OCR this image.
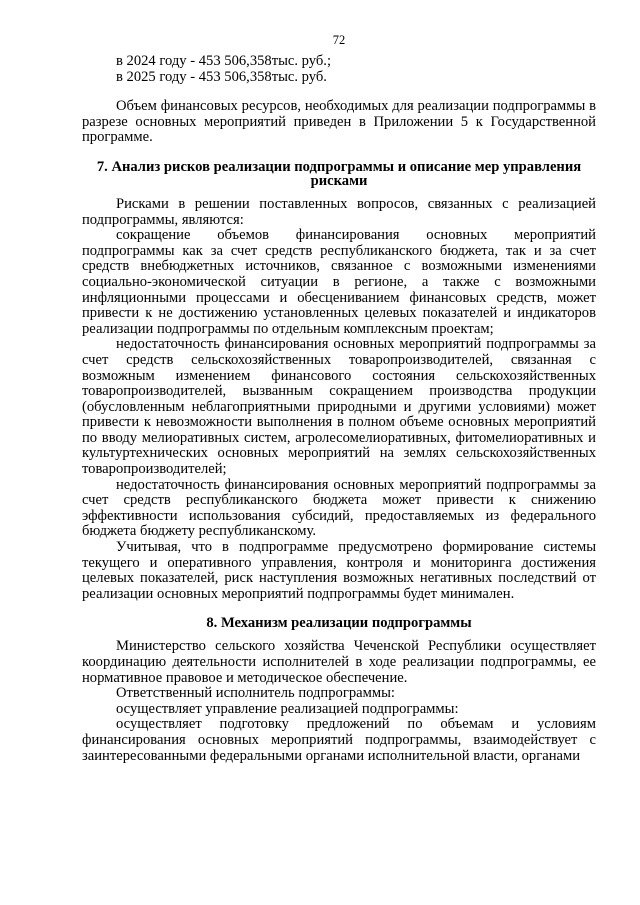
72

в 2024 году - 453 506,358тыс. руб.;

в 2025 году - 453 506,358тыс. руб.

Объем финансовых ресурсов, необходимых для реализации подпрограммы в разрезе основных мероприятий приведен в Приложении 5 к Государственной программе.

7. Анализ рисков реализации подпрограммы и описание мер управления рисками

Рисками в решении поставленных вопросов, связанных с реализацией подпрограммы, являются:

сокращение объемов финансирования основных мероприятий подпрограммы как за счет средств республиканского бюджета, так и за счет средств внебюджетных источников, связанное с возможными изменениями социально-экономической ситуации в регионе, а также с возможными инфляционными процессами и обесцениванием финансовых средств, может привести к не достижению установленных целевых показателей и индикаторов реализации подпрограммы по отдельным комплексным проектам;

недостаточность финансирования основных мероприятий подпрограммы за счет средств сельскохозяйственных товаропроизводителей, связанная с возможным изменением финансового состояния сельскохозяйственных товаропроизводителей, вызванным сокращением производства продукции (обусловленным неблагоприятными природными и другими условиями) может привести к невозможности выполнения в полном объеме основных мероприятий по вводу мелиоративных систем, агролесомелиоративных, фитомелиоративных и культуртехнических основных мероприятий на землях сельскохозяйственных товаропроизводителей;

недостаточность финансирования основных мероприятий подпрограммы за счет средств республиканского бюджета может привести к снижению эффективности использования субсидий, предоставляемых из федерального бюджета бюджету республиканскому.

Учитывая, что в подпрограмме предусмотрено формирование системы текущего и оперативного управления, контроля и мониторинга достижения целевых показателей, риск наступления возможных негативных последствий от реализации основных мероприятий подпрограммы будет минимален.

8. Механизм реализации подпрограммы

Министерство сельского хозяйства Чеченской Республики осуществляет координацию деятельности исполнителей в ходе реализации подпрограммы, ее нормативное правовое и методическое обеспечение.

Ответственный исполнитель подпрограммы:

осуществляет управление реализацией подпрограммы:

осуществляет подготовку предложений по объемам и условиям финансирования основных мероприятий подпрограммы, взаимодействует с заинтересованными федеральными органами исполнительной власти, органами
